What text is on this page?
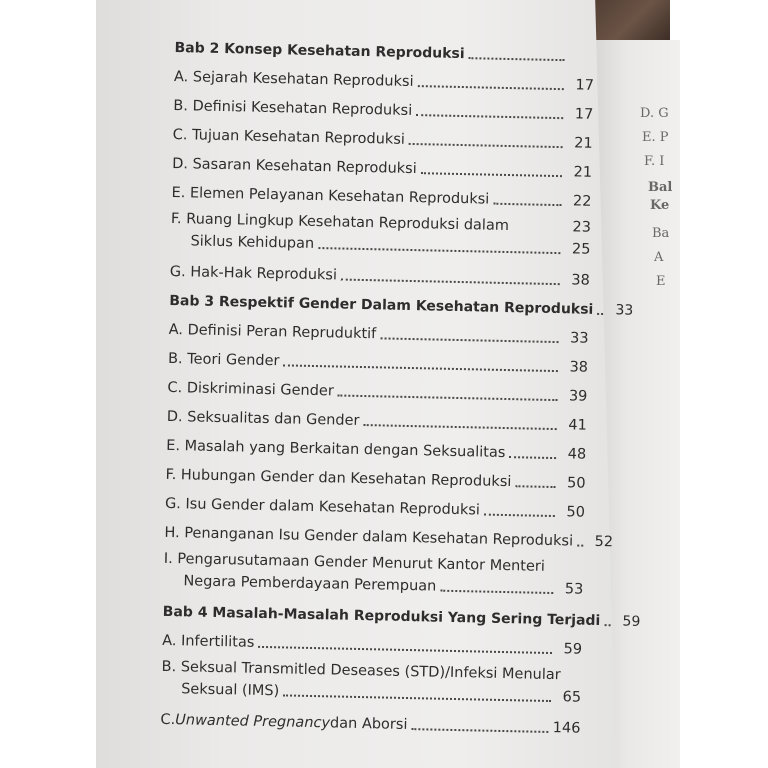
D. G
E. P
F. I
Bal
Ke
Ba
A
E
Bab 2 Konsep Kesehatan Reproduksi
A. Sejarah Kesehatan Reproduksi	17
B. Definisi Kesehatan Reproduksi	17
C. Tujuan Kesehatan Reproduksi	21
D. Sasaran Kesehatan Reproduksi	21
E. Elemen Pelayanan Kesehatan Reproduksi	22
F. Ruang Lingkup Kesehatan Reproduksi dalam	23
Siklus Kehidupan	25
G. Hak-Hak Reproduksi	38
Bab 3 Respektif Gender Dalam Kesehatan Reproduksi	33
A. Definisi Peran Repruduktif	33
B. Teori Gender	38
C. Diskriminasi Gender	39
D. Seksualitas dan Gender	41
E. Masalah yang Berkaitan dengan Seksualitas	48
F. Hubungan Gender dan Kesehatan Reproduksi	50
G. Isu Gender dalam Kesehatan Reproduksi	50
H. Penanganan Isu Gender dalam Kesehatan Reproduksi	52
I. Pengarusutamaan Gender Menurut Kantor Menteri
Negara Pemberdayaan Perempuan	53
Bab 4 Masalah-Masalah Reproduksi Yang Sering Terjadi	59
A. Infertilitas	59
B. Seksual Transmitled Deseases (STD)/Infeksi Menular
Seksual (IMS)	65
C. Unwanted Pregnancy dan Aborsi	146
